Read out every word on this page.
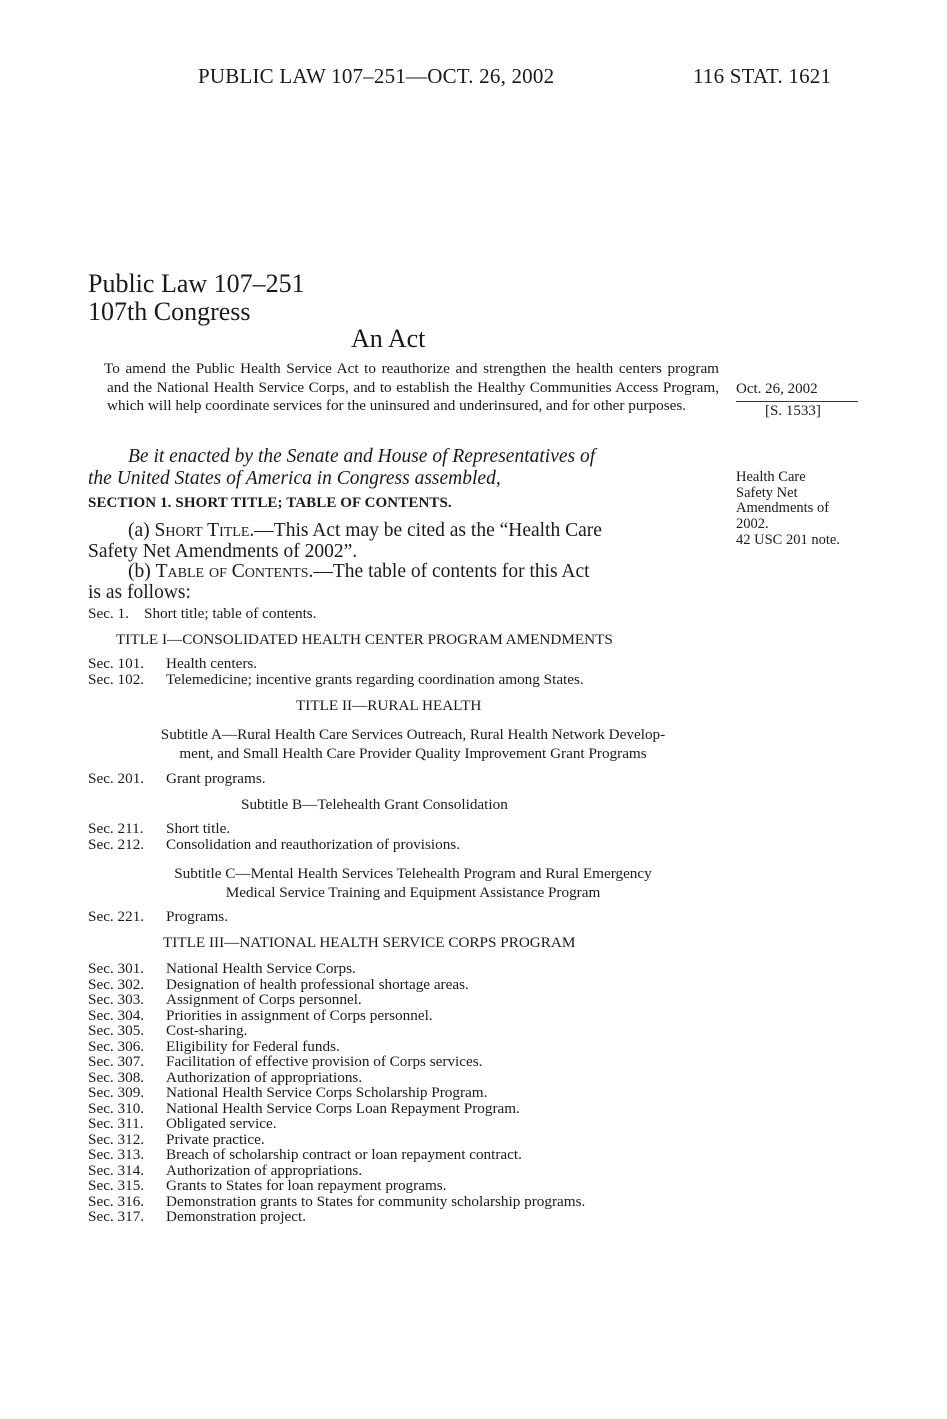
PUBLIC LAW 107–251—OCT. 26, 2002	116 STAT. 1621
Public Law 107–251
107th Congress
An Act
To amend the Public Health Service Act to reauthorize and strengthen the health centers program and the National Health Service Corps, and to establish the Healthy Communities Access Program, which will help coordinate services for the uninsured and underinsured, and for other purposes.
Oct. 26, 2002
[S. 1533]
Health Care
Safety Net
Amendments of
2002.
42 USC 201 note.
Be it enacted by the Senate and House of Representatives of
the United States of America in Congress assembled,
SECTION 1. SHORT TITLE; TABLE OF CONTENTS.
(a) Short Title.—This Act may be cited as the “Health Care
Safety Net Amendments of 2002”.
(b) Table of Contents.—The table of contents for this Act
is as follows:
Sec. 1. Short title; table of contents.
TITLE I—CONSOLIDATED HEALTH CENTER PROGRAM AMENDMENTS
Sec. 101. Health centers.
Sec. 102. Telemedicine; incentive grants regarding coordination among States.
TITLE II—RURAL HEALTH
Subtitle A—Rural Health Care Services Outreach, Rural Health Network Develop-
ment, and Small Health Care Provider Quality Improvement Grant Programs
Sec. 201. Grant programs.
Subtitle B—Telehealth Grant Consolidation
Sec. 211. Short title.
Sec. 212. Consolidation and reauthorization of provisions.
Subtitle C—Mental Health Services Telehealth Program and Rural Emergency
Medical Service Training and Equipment Assistance Program
Sec. 221. Programs.
TITLE III—NATIONAL HEALTH SERVICE CORPS PROGRAM
Sec. 301. National Health Service Corps.
Sec. 302. Designation of health professional shortage areas.
Sec. 303. Assignment of Corps personnel.
Sec. 304. Priorities in assignment of Corps personnel.
Sec. 305. Cost-sharing.
Sec. 306. Eligibility for Federal funds.
Sec. 307. Facilitation of effective provision of Corps services.
Sec. 308. Authorization of appropriations.
Sec. 309. National Health Service Corps Scholarship Program.
Sec. 310. National Health Service Corps Loan Repayment Program.
Sec. 311. Obligated service.
Sec. 312. Private practice.
Sec. 313. Breach of scholarship contract or loan repayment contract.
Sec. 314. Authorization of appropriations.
Sec. 315. Grants to States for loan repayment programs.
Sec. 316. Demonstration grants to States for community scholarship programs.
Sec. 317. Demonstration project.
